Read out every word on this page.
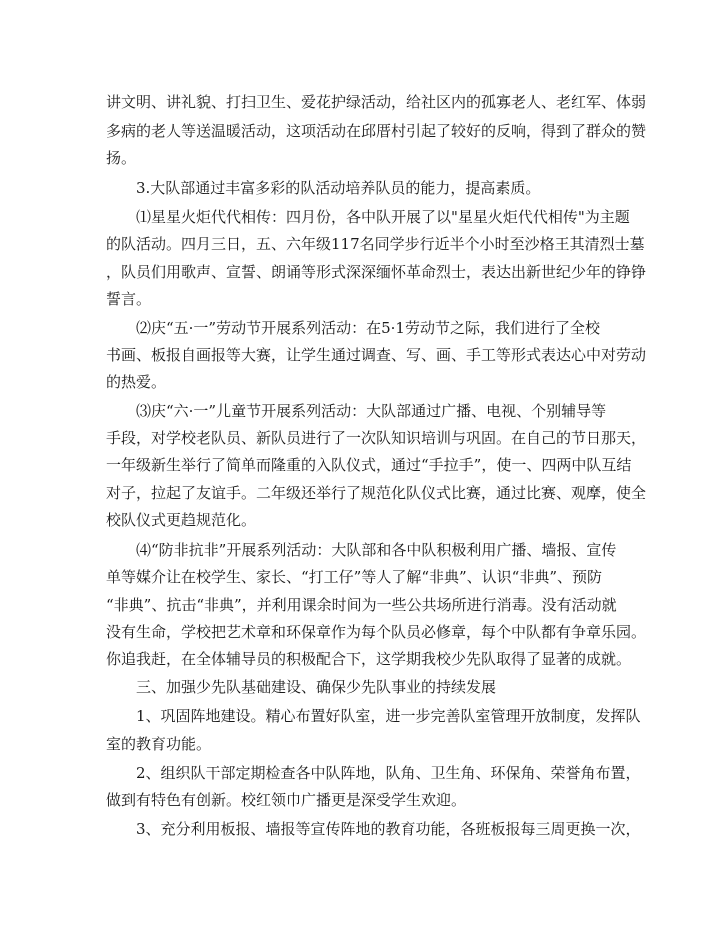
讲文明、讲礼貌、打扫卫生、爱花护绿活动，给社区内的孤寡老人、老红军、体弱

多病的老人等送温暖活动，这项活动在邱厝村引起了较好的反响，得到了群众的赞

扬。

3.大队部通过丰富多彩的队活动培养队员的能力，提高素质。

⑴星星火炬代代相传：四月份，各中队开展了以"星星火炬代代相传"为主题

的队活动。四月三日，五、六年级117名同学步行近半个小时至沙格王其清烈士墓

，队员们用歌声、宣誓、朗诵等形式深深缅怀革命烈士，表达出新世纪少年的铮铮

誓言。

⑵庆“五·一”劳动节开展系列活动：在5·1劳动节之际，我们进行了全校

书画、板报自画报等大赛，让学生通过调查、写、画、手工等形式表达心中对劳动

的热爱。

⑶庆“六·一”儿童节开展系列活动：大队部通过广播、电视、个别辅导等

手段，对学校老队员、新队员进行了一次队知识培训与巩固。在自己的节日那天，

一年级新生举行了简单而隆重的入队仪式，通过“手拉手”，使一、四两中队互结

对子，拉起了友谊手。二年级还举行了规范化队仪式比赛，通过比赛、观摩，使全

校队仪式更趋规范化。

⑷“防非抗非”开展系列活动：大队部和各中队积极利用广播、墙报、宣传

单等媒介让在校学生、家长、“打工仔”等人了解“非典”、认识“非典”、预防

“非典”、抗击“非典”，并利用课余时间为一些公共场所进行消毒。没有活动就

没有生命，学校把艺术章和环保章作为每个队员必修章，每个中队都有争章乐园。

你追我赶，在全体辅导员的积极配合下，这学期我校少先队取得了显著的成就。

三、加强少先队基础建设、确保少先队事业的持续发展

1、巩固阵地建设。精心布置好队室，进一步完善队室管理开放制度，发挥队

室的教育功能。

2、组织队干部定期检查各中队阵地，队角、卫生角、环保角、荣誉角布置，

做到有特色有创新。校红领巾广播更是深受学生欢迎。

3、充分利用板报、墙报等宣传阵地的教育功能，各班板报每三周更换一次，
